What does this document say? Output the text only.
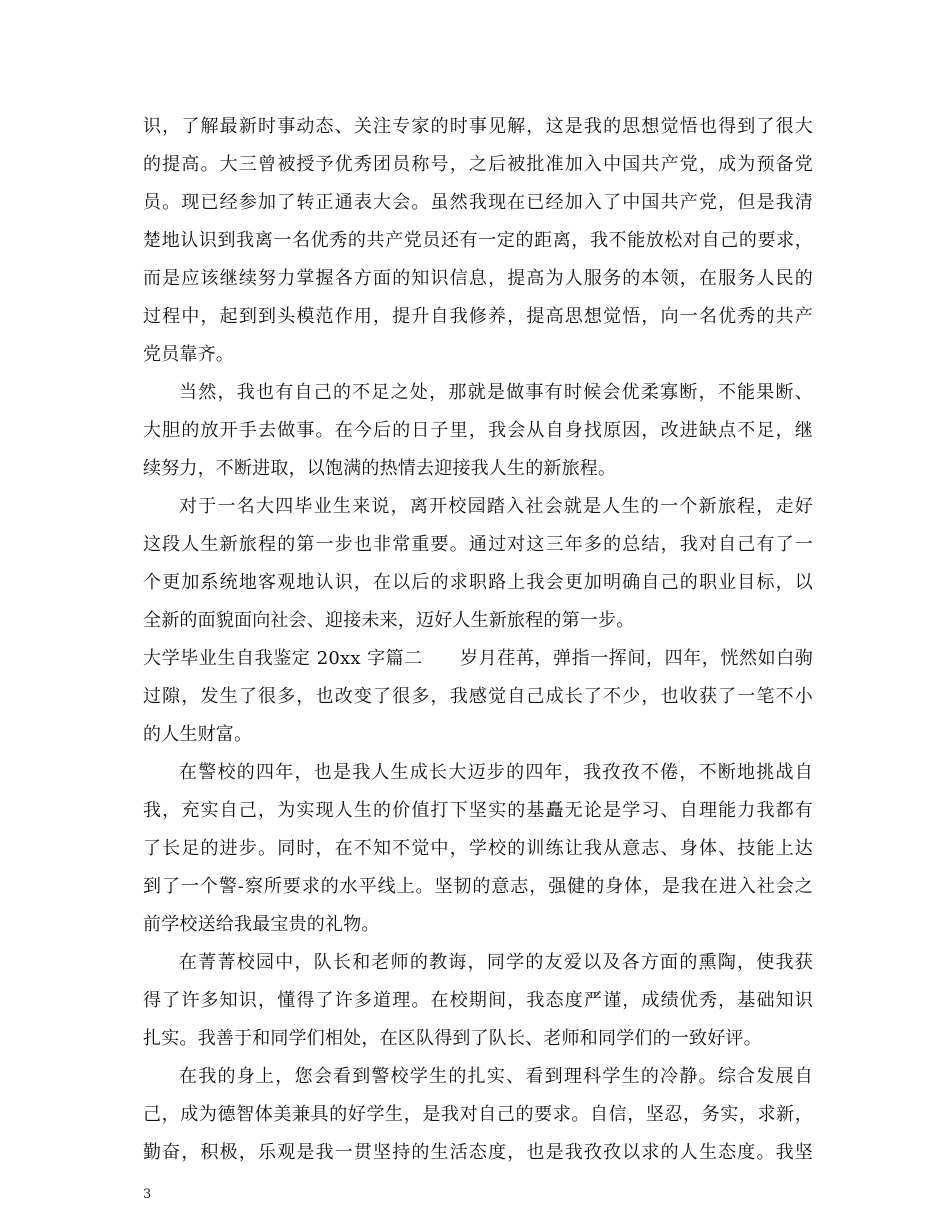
识，了解最新时事动态、关注专家的时事见解，这是我的思想觉悟也得到了很大
的提高。大三曾被授予优秀团员称号，之后被批准加入中国共产党，成为预备党
员。现已经参加了转正通表大会。虽然我现在已经加入了中国共产党，但是我清
楚地认识到我离一名优秀的共产党员还有一定的距离，我不能放松对自己的要求，
而是应该继续努力掌握各方面的知识信息，提高为人服务的本领，在服务人民的
过程中，起到到头模范作用，提升自我修养，提高思想觉悟，向一名优秀的共产
党员靠齐。
当然，我也有自己的不足之处，那就是做事有时候会优柔寡断，不能果断、
大胆的放开手去做事。在今后的日子里，我会从自身找原因，改进缺点不足，继
续努力，不断进取，以饱满的热情去迎接我人生的新旅程。
对于一名大四毕业生来说，离开校园踏入社会就是人生的一个新旅程，走好
这段人生新旅程的第一步也非常重要。通过对这三年多的总结，我对自己有了一
个更加系统地客观地认识，在以后的求职路上我会更加明确自己的职业目标，以
全新的面貌面向社会、迎接未来，迈好人生新旅程的第一步。
大学毕业生自我鉴定 20xx 字篇二　　岁月荏苒，弹指一挥间，四年，恍然如白驹
过隙，发生了很多，也改变了很多，我感觉自己成长了不少，也收获了一笔不小
的人生财富。
在警校的四年，也是我人生成长大迈步的四年，我孜孜不倦，不断地挑战自
我，充实自己，为实现人生的价值打下坚实的基矗无论是学习、自理能力我都有
了长足的进步。同时，在不知不觉中，学校的训练让我从意志、身体、技能上达
到了一个警-察所要求的水平线上。坚韧的意志，强健的身体，是我在进入社会之
前学校送给我最宝贵的礼物。
在菁菁校园中，队长和老师的教诲，同学的友爱以及各方面的熏陶，使我获
得了许多知识，懂得了许多道理。在校期间，我态度严谨，成绩优秀，基础知识
扎实。我善于和同学们相处，在区队得到了队长、老师和同学们的一致好评。
在我的身上，您会看到警校学生的扎实、看到理科学生的冷静。综合发展自
己，成为德智体美兼具的好学生，是我对自己的要求。自信，坚忍，务实，求新，
勤奋，积极，乐观是我一贯坚持的生活态度，也是我孜孜以求的人生态度。我坚
3
